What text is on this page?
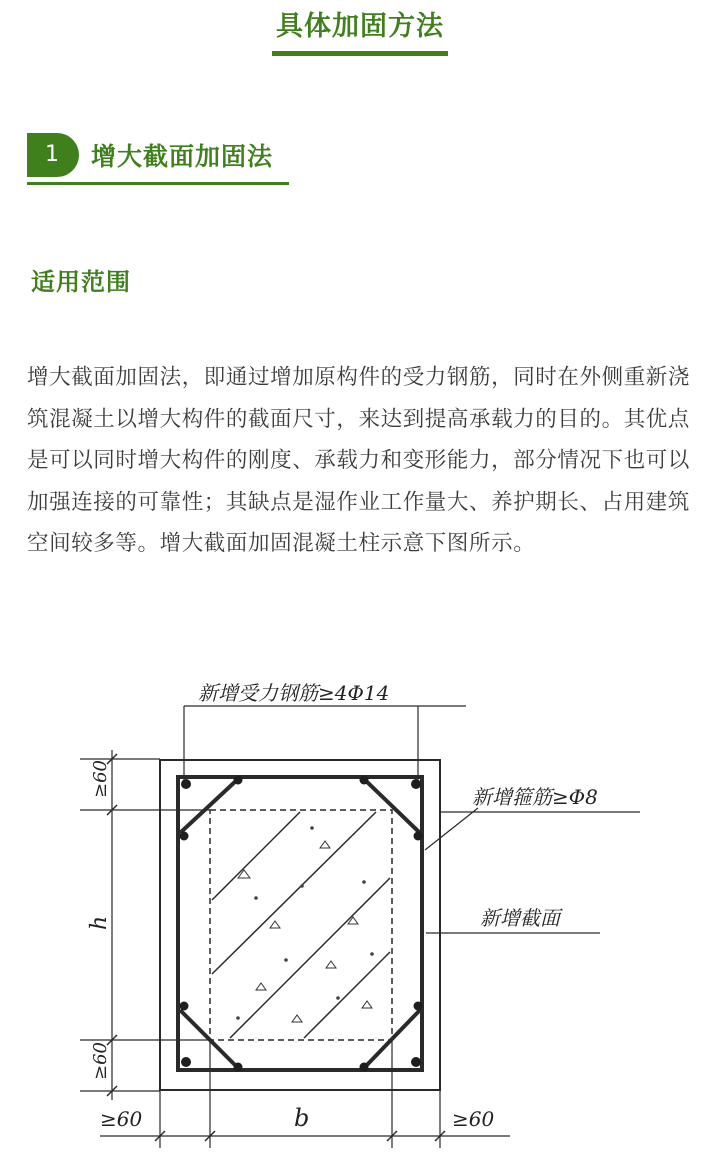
具体加固方法
1	增大截面加固法
适用范围

增大截面加固法，即通过增加原构件的受力钢筋，同时在外侧重新浇筑混凝土以增大构件的截面尺寸，来达到提高承载力的目的。其优点是可以同时增大构件的刚度、承载力和变形能力，部分情况下也可以加强连接的可靠性；其缺点是湿作业工作量大、养护期长、占用建筑空间较多等。增大截面加固混凝土柱示意下图所示。

新增受力钢筋≥4Φ14
新增箍筋≥Φ8
新增截面
≥60
h
≥60
≥60	b	≥60
